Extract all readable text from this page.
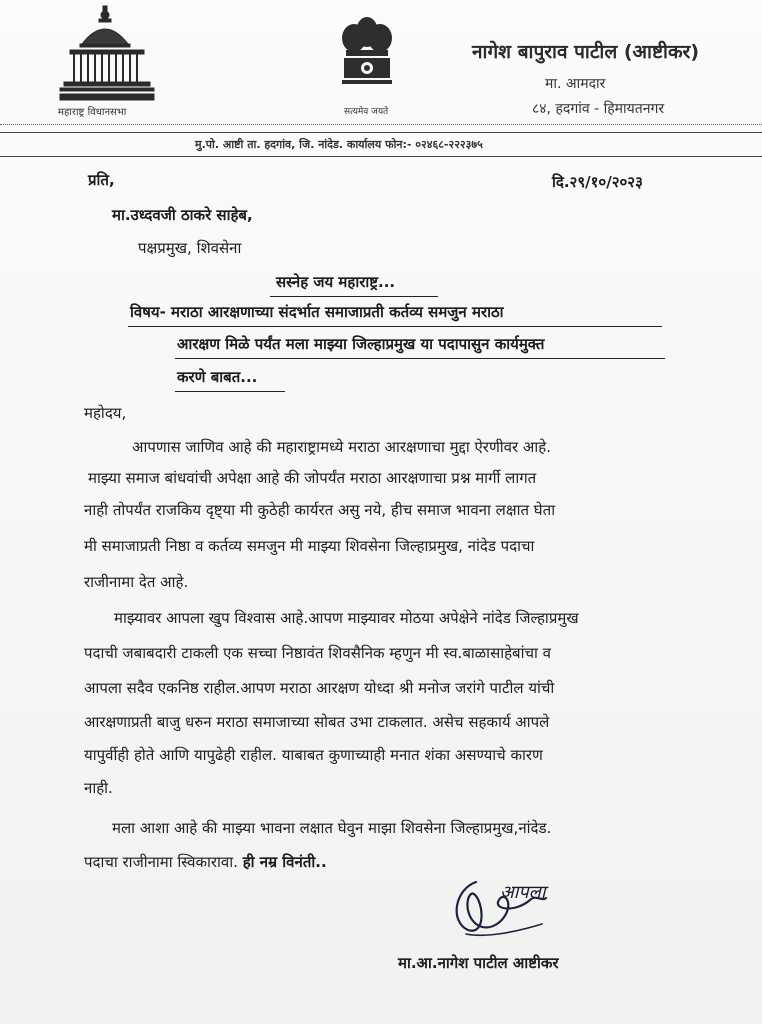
महाराष्ट्र विधानसभा	सत्यमेव जयते
नागेश बापुराव पाटील (आष्टीकर)
मा. आमदार
८४, हदगांव - हिमायतनगर
मु.पो. आष्टी ता. हदगांव, जि. नांदेड. कार्यालय फोन:- ०२४६८-२२२३७५
प्रति,	दि.२९/१०/२०२३
मा.उध्दवजी ठाकरे साहेब,
पक्षप्रमुख, शिवसेना
सस्नेह जय महाराष्ट्र...
विषय- मराठा आरक्षणाच्या संदर्भात समाजाप्रती कर्तव्य समजुन मराठा
आरक्षण मिळे पर्यंत मला माझ्या जिल्हाप्रमुख या पदापासुन कार्यमुक्त
करणे बाबत...
महोदय,
आपणास जाणिव आहे की महाराष्ट्रामध्ये मराठा आरक्षणाचा मुद्दा ऐरणीवर आहे.
माझ्या समाज बांधवांची अपेक्षा आहे की जोपर्यंत मराठा आरक्षणाचा प्रश्न मार्गी लागत
नाही तोपर्यंत राजकिय दृष्ट्या मी कुठेही कार्यरत असु नये, हीच समाज भावना लक्षात घेता
मी समाजाप्रती निष्ठा व कर्तव्य समजुन मी माझ्या शिवसेना जिल्हाप्रमुख, नांदेड पदाचा
राजीनामा देत आहे.
माझ्यावर आपला खुप विश्वास आहे.आपण माझ्यावर मोठया अपेक्षेने नांदेड जिल्हाप्रमुख
पदाची जबाबदारी टाकली एक सच्चा निष्ठावंत शिवसैनिक म्हणुन मी स्व.बाळासाहेबांचा व
आपला सदैव एकनिष्ठ राहील.आपण मराठा आरक्षण योध्दा श्री मनोज जरांगे पाटील यांची
आरक्षणाप्रती बाजु धरुन मराठा समाजाच्या सोबत उभा टाकलात. असेच सहकार्य आपले
यापुर्वीही होते आणि यापुढेही राहील. याबाबत कुणाच्याही मनात शंका असण्याचे कारण
नाही.
मला आशा आहे की माझ्या भावना लक्षात घेवुन माझा शिवसेना जिल्हाप्रमुख,नांदेड.
पदाचा राजीनामा स्विकारावा. ही नम्र विनंती..
आपला
मा.आ.नागेश पाटील आष्टीकर
